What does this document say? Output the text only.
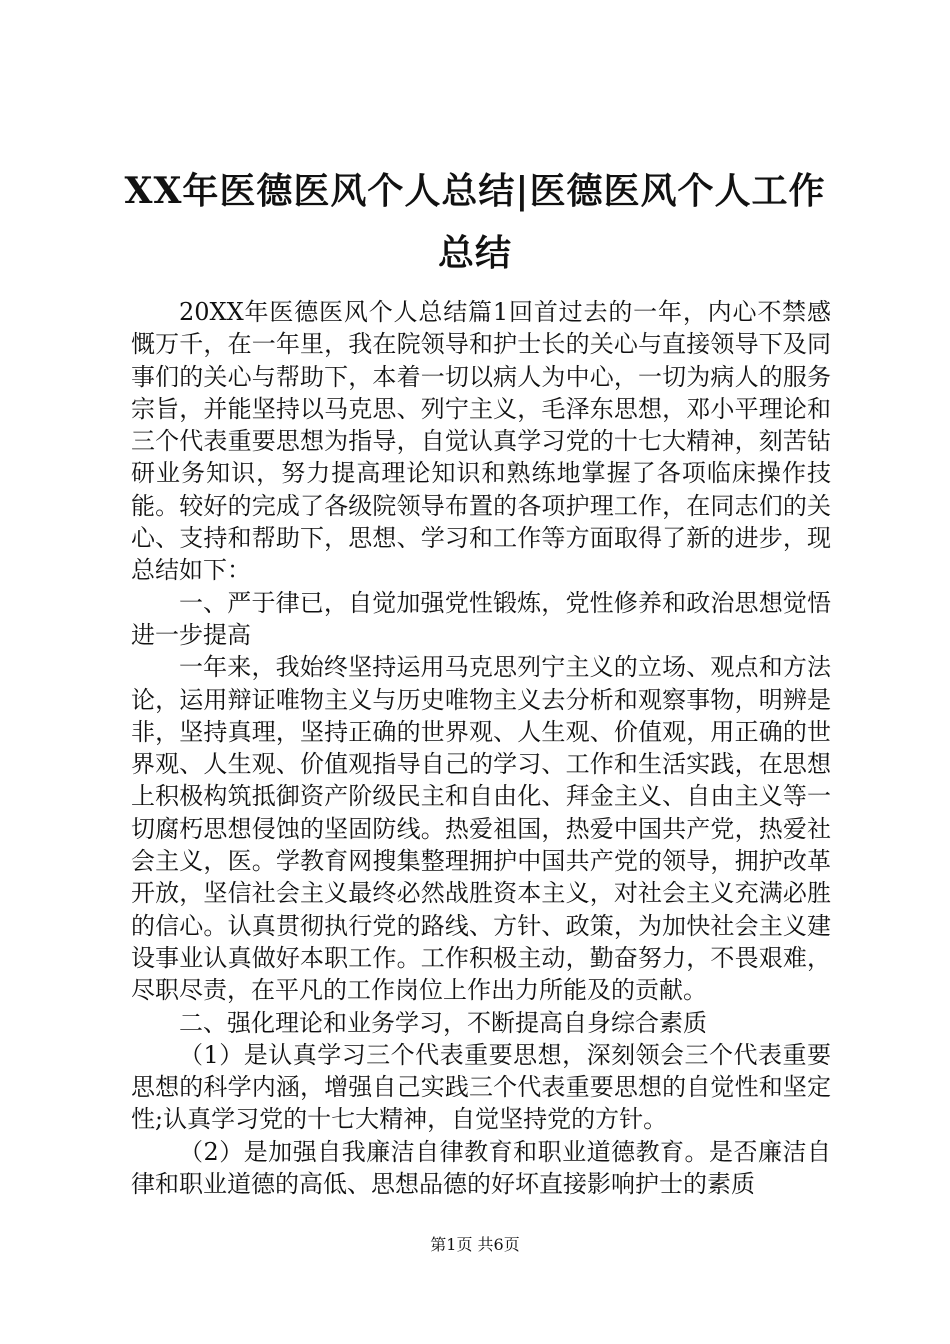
XX年医德医风个人总结|医德医风个人工作总结

20XX年医德医风个人总结篇1回首过去的一年，内心不禁感慨万千，在一年里，我在院领导和护士长的关心与直接领导下及同事们的关心与帮助下，本着一切以病人为中心，一切为病人的服务宗旨，并能坚持以马克思、列宁主义，毛泽东思想，邓小平理论和三个代表重要思想为指导，自觉认真学习党的十七大精神，刻苦钻研业务知识，努力提高理论知识和熟练地掌握了各项临床操作技能。较好的完成了各级院领导布置的各项护理工作，在同志们的关心、支持和帮助下，思想、学习和工作等方面取得了新的进步，现总结如下：

一、严于律已，自觉加强党性锻炼，党性修养和政治思想觉悟进一步提高

一年来，我始终坚持运用马克思列宁主义的立场、观点和方法论，运用辩证唯物主义与历史唯物主义去分析和观察事物，明辨是非，坚持真理，坚持正确的世界观、人生观、价值观，用正确的世界观、人生观、价值观指导自己的学习、工作和生活实践，在思想上积极构筑抵御资产阶级民主和自由化、拜金主义、自由主义等一切腐朽思想侵蚀的坚固防线。热爱祖国，热爱中国共产党，热爱社会主义，医。学教育网搜集整理拥护中国共产党的领导，拥护改革开放，坚信社会主义最终必然战胜资本主义，对社会主义充满必胜的信心。认真贯彻执行党的路线、方针、政策，为加快社会主义建设事业认真做好本职工作。工作积极主动，勤奋努力，不畏艰难，尽职尽责，在平凡的工作岗位上作出力所能及的贡献。

二、强化理论和业务学习，不断提高自身综合素质

（1）是认真学习三个代表重要思想，深刻领会三个代表重要思想的科学内涵，增强自己实践三个代表重要思想的自觉性和坚定性;认真学习党的十七大精神，自觉坚持党的方针。

（2）是加强自我廉洁自律教育和职业道德教育。是否廉洁自律和职业道德的高低、思想品德的好坏直接影响护士的素质

第1页 共6页
